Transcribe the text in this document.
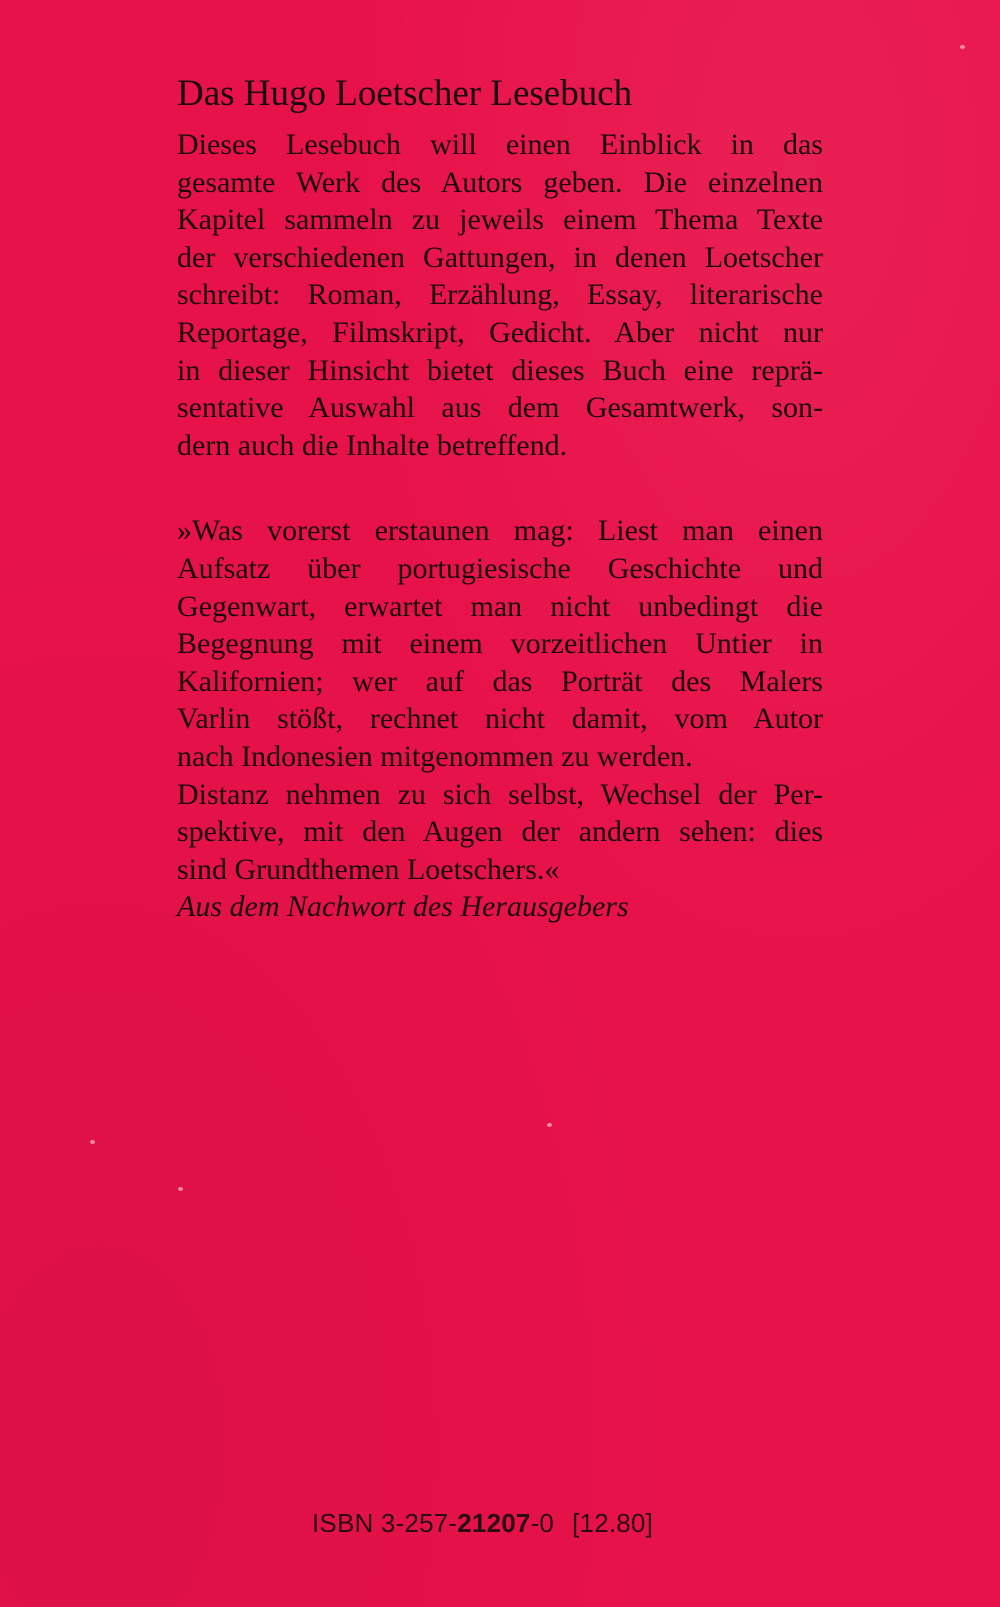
Das Hugo Loetscher Lesebuch

Dieses Lesebuch will einen Einblick in das
gesamte Werk des Autors geben. Die einzelnen
Kapitel sammeln zu jeweils einem Thema Texte
der verschiedenen Gattungen, in denen Loetscher
schreibt: Roman, Erzählung, Essay, literarische
Reportage, Filmskript, Gedicht. Aber nicht nur
in dieser Hinsicht bietet dieses Buch eine reprä-
sentative Auswahl aus dem Gesamtwerk, son-
dern auch die Inhalte betreffend.

»Was vorerst erstaunen mag: Liest man einen
Aufsatz über portugiesische Geschichte und
Gegenwart, erwartet man nicht unbedingt die
Begegnung mit einem vorzeitlichen Untier in
Kalifornien; wer auf das Porträt des Malers
Varlin stößt, rechnet nicht damit, vom Autor
nach Indonesien mitgenommen zu werden.
Distanz nehmen zu sich selbst, Wechsel der Per-
spektive, mit den Augen der andern sehen: dies
sind Grundthemen Loetschers.«

Aus dem Nachwort des Herausgebers

ISBN 3-257-21207-0 [12.80]
